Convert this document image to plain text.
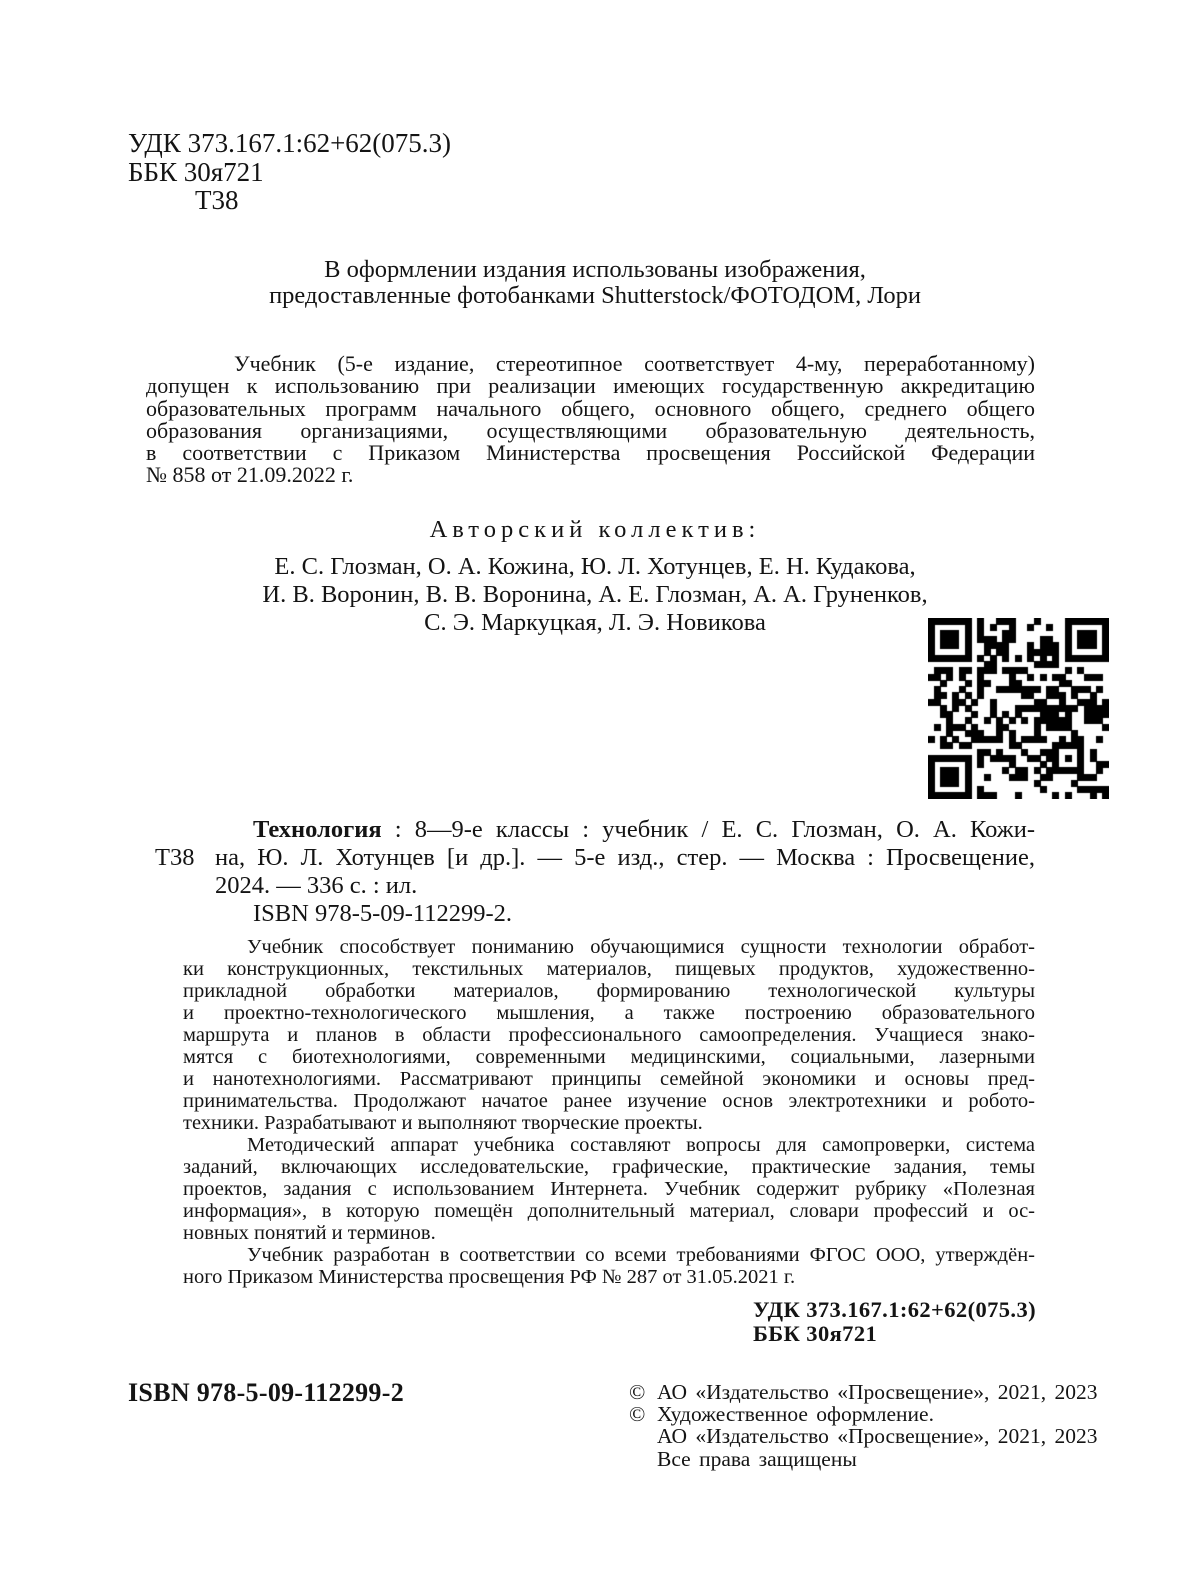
УДК 373.167.1:62+62(075.3)
ББК 30я721
Т38
В оформлении издания использованы изображения,
предоставленные фотобанками Shutterstock/ФОТОДОМ, Лори
Учебник (5-е издание, стереотипное соответствует 4-му, переработанному)
допущен к использованию при реализации имеющих государственную аккредитацию
образовательных программ начального общего, основного общего, среднего общего
образования организациями, осуществляющими образовательную деятельность,
в соответствии с Приказом Министерства просвещения Российской Федерации
№ 858 от 21.09.2022 г.
Авторский коллектив:
Е. С. Глозман, О. А. Кожина, Ю. Л. Хотунцев, Е. Н. Кудакова,
И. В. Воронин, В. В. Воронина, А. Е. Глозман, А. А. Груненков,
С. Э. Маркуцкая, Л. Э. Новикова
Т38
Технология : 8—9-е классы : учебник / Е. С. Глозман, О. А. Кожи-
на, Ю. Л. Хотунцев [и др.]. — 5-е изд., стер. — Москва : Просвещение,
2024. — 336 с. : ил.
ISBN 978-5-09-112299-2.
Учебник способствует пониманию обучающимися сущности технологии обработ-
ки конструкционных, текстильных материалов, пищевых продуктов, художественно-
прикладной обработки материалов, формированию технологической культуры
и проектно-технологического мышления, а также построению образовательного
маршрута и планов в области профессионального самоопределения. Учащиеся знако-
мятся с биотехнологиями, современными медицинскими, социальными, лазерными
и нанотехнологиями. Рассматривают принципы семейной экономики и основы пред-
принимательства. Продолжают начатое ранее изучение основ электротехники и робото-
техники. Разрабатывают и выполняют творческие проекты.
Методический аппарат учебника составляют вопросы для самопроверки, система
заданий, включающих исследовательские, графические, практические задания, темы
проектов, задания с использованием Интернета. Учебник содержит рубрику «Полезная
информация», в которую помещён дополнительный материал, словари профессий и ос-
новных понятий и терминов.
Учебник разработан в соответствии со всеми требованиями ФГОС ООО, утверждён-
ного Приказом Министерства просвещения РФ № 287 от 31.05.2021 г.
УДК 373.167.1:62+62(075.3)
ББК 30я721
ISBN 978-5-09-112299-2	© АО «Издательство «Просвещение», 2021, 2023
© Художественное оформление.
АО «Издательство «Просвещение», 2021, 2023
Все права защищены
